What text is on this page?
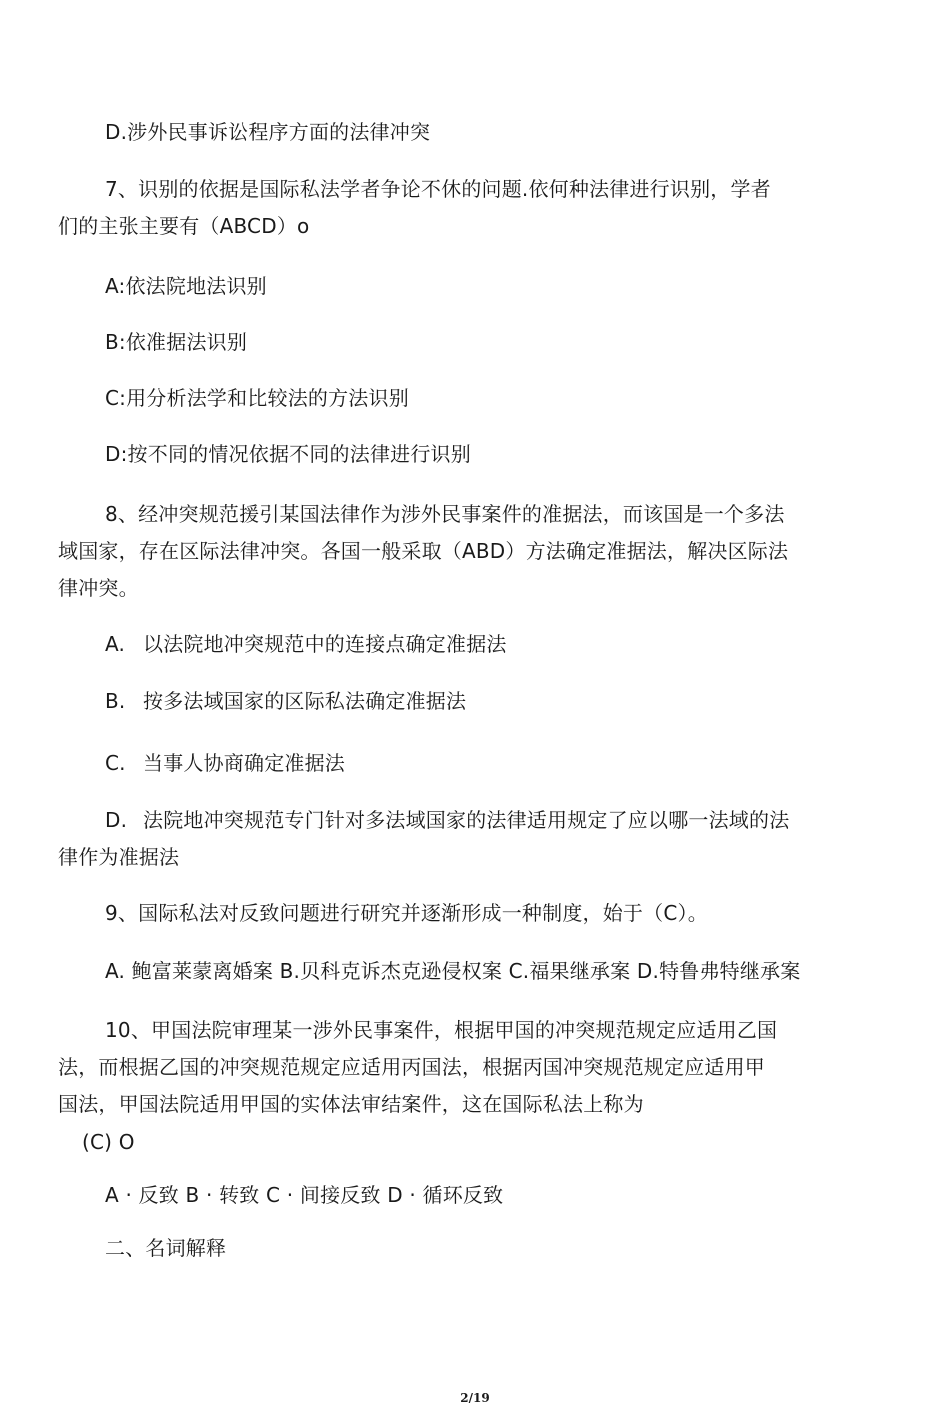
D.涉外民事诉讼程序方面的法律冲突
7、识别的依据是国际私法学者争论不休的问题.依何种法律进行识别，学者
们的主张主要有（ABCD）o
A:依法院地法识别
B:依准据法识别
C:用分析法学和比较法的方法识别
D:按不同的情况依据不同的法律进行识别
8、经冲突规范援引某国法律作为涉外民事案件的准据法，而该国是一个多法
域国家，存在区际法律冲突。各国一般采取（ABD）方法确定准据法，解决区际法
律冲突。
A. 以法院地冲突规范中的连接点确定准据法
B. 按多法域国家的区际私法确定准据法
C. 当事人协商确定准据法
D. 法院地冲突规范专门针对多法域国家的法律适用规定了应以哪一法域的法
律作为准据法
9、国际私法对反致问题进行研究并逐渐形成一种制度，始于（C）。
A. 鲍富莱蒙离婚案 B.贝科克诉杰克逊侵权案 C.福果继承案 D.特鲁弗特继承案
10、甲国法院审理某一涉外民事案件，根据甲国的冲突规范规定应适用乙国
法，而根据乙国的冲突规范规定应适用丙国法，根据丙国冲突规范规定应适用甲
国法，甲国法院适用甲国的实体法审结案件，这在国际私法上称为
(C) O
A · 反致 B · 转致 C · 间接反致 D · 循环反致
二、名词解释
2/19
